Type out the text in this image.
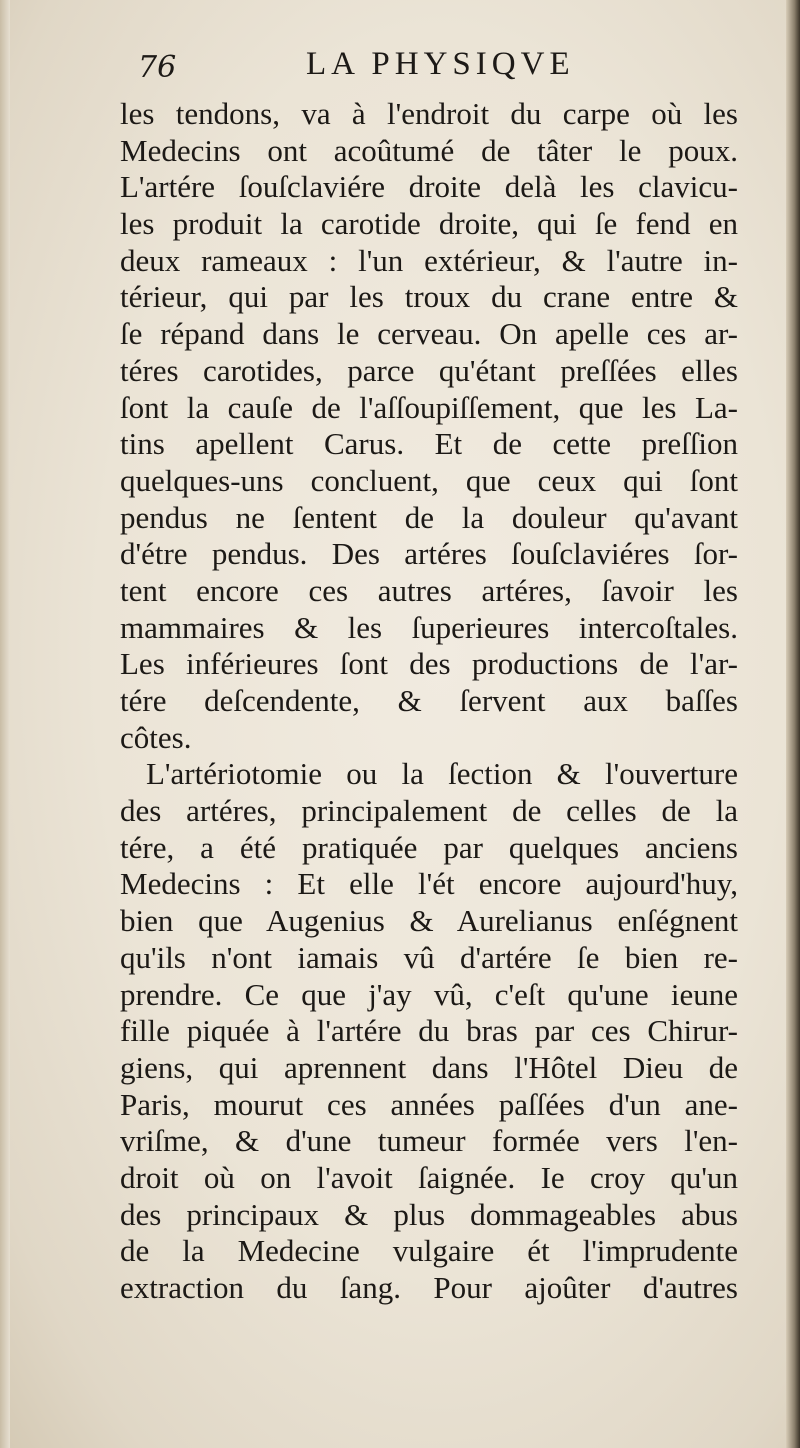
76	LA PHYSIQVE
les tendons, va à l'endroit du carpe où les
Medecins ont acoûtumé de tâter le poux.
L'artére ſouſclaviére droite delà les clavicu-
les produit la carotide droite, qui ſe fend en
deux rameaux : l'un extérieur, & l'autre in-
térieur, qui par les troux du crane entre &
ſe répand dans le cerveau. On apelle ces ar-
téres carotides, parce qu'étant preſſées elles
ſont la cauſe de l'aſſoupiſſement, que les La-
tins apellent Carus. Et de cette preſſion
quelques-uns concluent, que ceux qui ſont
pendus ne ſentent de la douleur qu'avant
d'étre pendus. Des artéres ſouſclaviéres ſor-
tent encore ces autres artéres, ſavoir les
mammaires & les ſuperieures intercoſtales.
Les inférieures ſont des productions de l'ar-
tére deſcendente, & ſervent aux baſſes
côtes.
L'artériotomie ou la ſection & l'ouverture
des artéres, principalement de celles de la
tére, a été pratiquée par quelques anciens
Medecins : Et elle l'ét encore aujourd'huy,
bien que Augenius & Aurelianus enſégnent
qu'ils n'ont iamais vû d'artére ſe bien re-
prendre. Ce que j'ay vû, c'eſt qu'une ieune
fille piquée à l'artére du bras par ces Chirur-
giens, qui aprennent dans l'Hôtel Dieu de
Paris, mourut ces années paſſées d'un ane-
vriſme, & d'une tumeur formée vers l'en-
droit où on l'avoit ſaignée. Ie croy qu'un
des principaux & plus dommageables abus
de la Medecine vulgaire ét l'imprudente
extraction du ſang. Pour ajoûter d'autres
